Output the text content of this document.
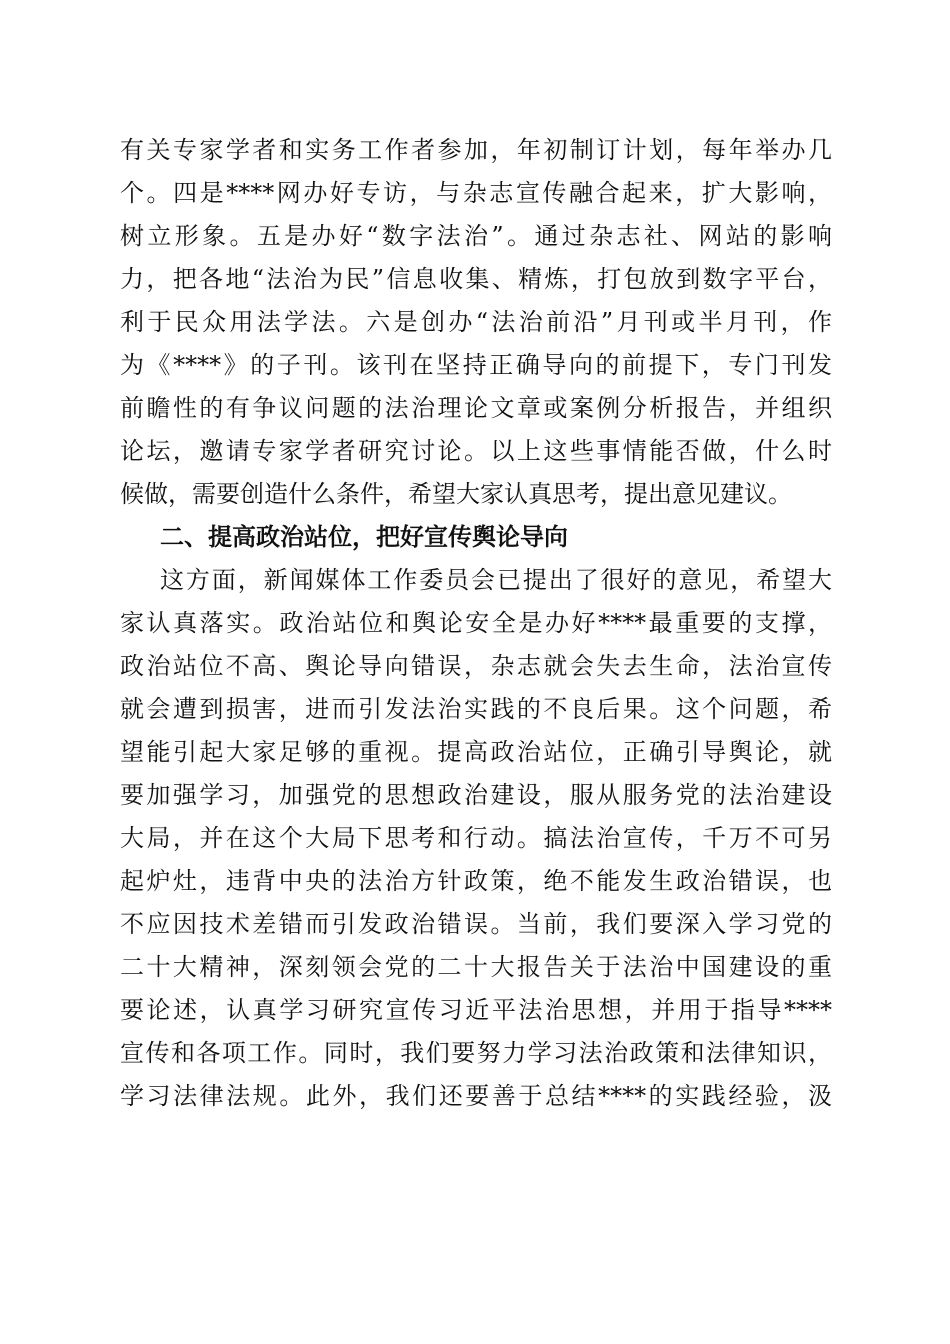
有关专家学者和实务工作者参加，年初制订计划，每年举办几
个。四是****网办好专访，与杂志宣传融合起来，扩大影响，
树立形象。五是办好“数字法治”。通过杂志社、网站的影响
力，把各地“法治为民”信息收集、精炼，打包放到数字平台，
利于民众用法学法。六是创办“法治前沿”月刊或半月刊，作
为《****》的子刊。该刊在坚持正确导向的前提下，专门刊发
前瞻性的有争议问题的法治理论文章或案例分析报告，并组织
论坛，邀请专家学者研究讨论。以上这些事情能否做，什么时
候做，需要创造什么条件，希望大家认真思考，提出意见建议。
二、提高政治站位，把好宣传舆论导向
这方面，新闻媒体工作委员会已提出了很好的意见，希望大
家认真落实。政治站位和舆论安全是办好****最重要的支撑，
政治站位不高、舆论导向错误，杂志就会失去生命，法治宣传
就会遭到损害，进而引发法治实践的不良后果。这个问题，希
望能引起大家足够的重视。提高政治站位，正确引导舆论，就
要加强学习，加强党的思想政治建设，服从服务党的法治建设
大局，并在这个大局下思考和行动。搞法治宣传，千万不可另
起炉灶，违背中央的法治方针政策，绝不能发生政治错误，也
不应因技术差错而引发政治错误。当前，我们要深入学习党的
二十大精神，深刻领会党的二十大报告关于法治中国建设的重
要论述，认真学习研究宣传习近平法治思想，并用于指导****
宣传和各项工作。同时，我们要努力学习法治政策和法律知识，
学习法律法规。此外，我们还要善于总结****的实践经验，汲
